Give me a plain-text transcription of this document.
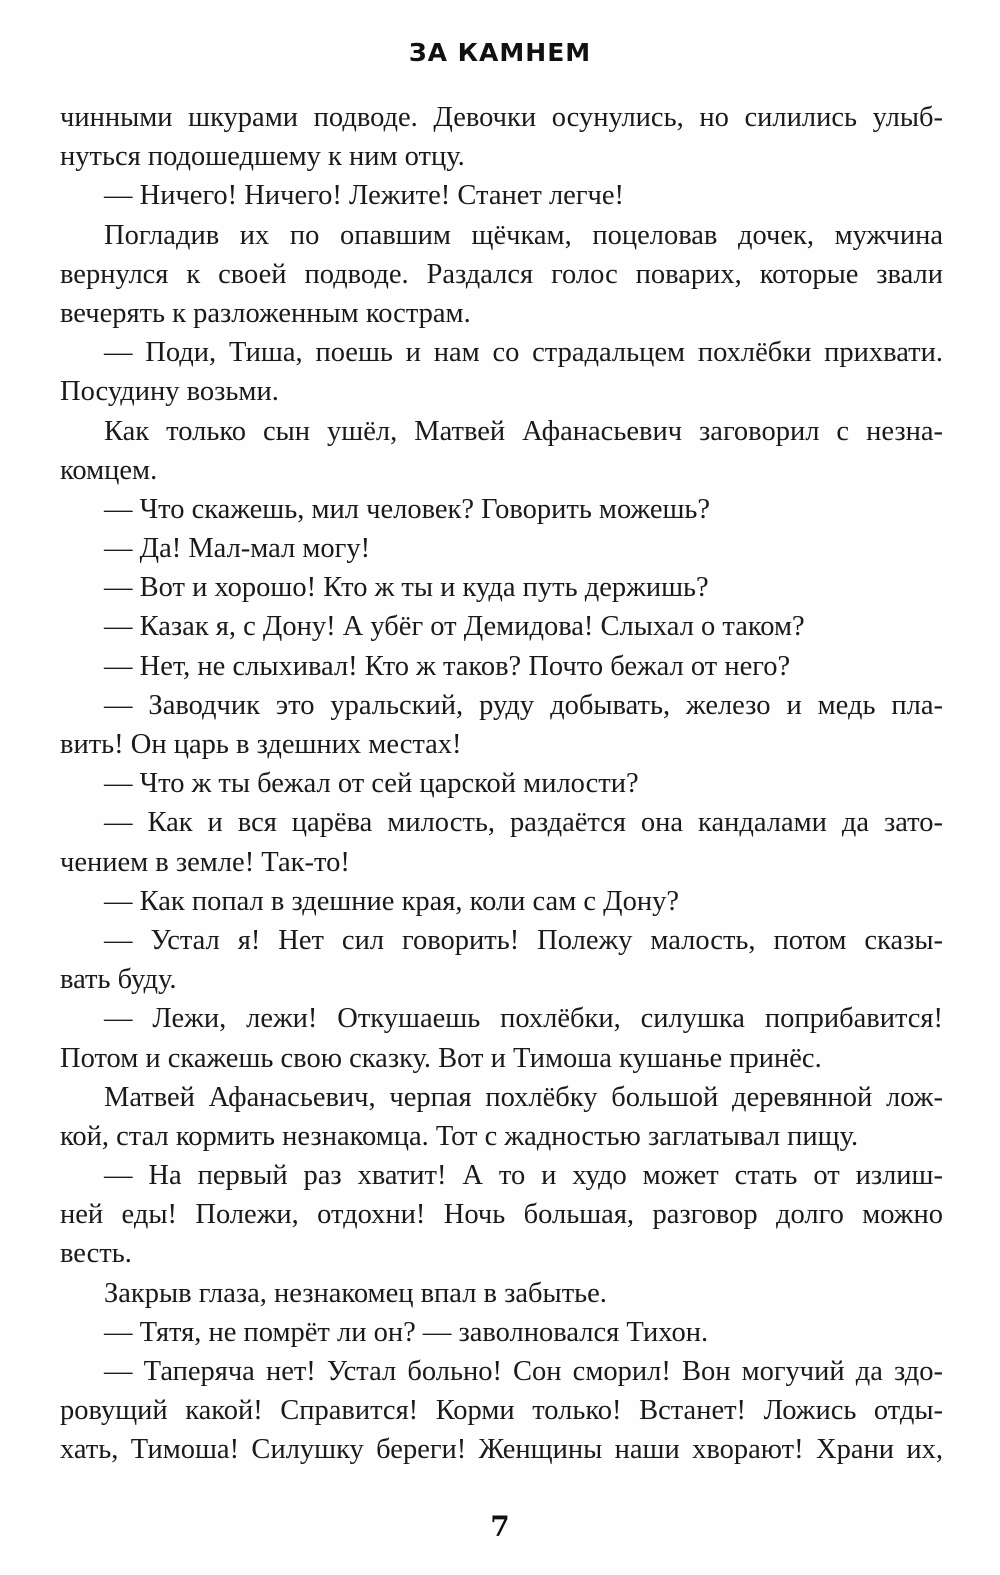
ЗА КАМНЕМ
чинными шкурами подводе. Девочки осунулись, но силились улыб-
нуться подошедшему к ним отцу.
— Ничего! Ничего! Лежите! Станет легче!
Погладив их по опавшим щёчкам, поцеловав дочек, мужчина
вернулся к своей подводе. Раздался голос поварих, которые звали
вечерять к разложенным кострам.
— Поди, Тиша, поешь и нам со страдальцем похлёбки прихвати.
Посудину возьми.
Как только сын ушёл, Матвей Афанасьевич заговорил с незна-
комцем.
— Что скажешь, мил человек? Говорить можешь?
— Да! Мал-мал могу!
— Вот и хорошо! Кто ж ты и куда путь держишь?
— Казак я, с Дону! А убёг от Демидова! Слыхал о таком?
— Нет, не слыхивал! Кто ж таков? Почто бежал от него?
— Заводчик это уральский, руду добывать, железо и медь пла-
вить! Он царь в здешних местах!
— Что ж ты бежал от сей царской милости?
— Как и вся царёва милость, раздаётся она кандалами да зато-
чением в земле! Так-то!
— Как попал в здешние края, коли сам с Дону?
— Устал я! Нет сил говорить! Полежу малость, потом сказы-
вать буду.
— Лежи, лежи! Откушаешь похлёбки, силушка поприбавится!
Потом и скажешь свою сказку. Вот и Тимоша кушанье принёс.
Матвей Афанасьевич, черпая похлёбку большой деревянной лож-
кой, стал кормить незнакомца. Тот с жадностью заглатывал пищу.
— На первый раз хватит! А то и худо может стать от излиш-
ней еды! Полежи, отдохни! Ночь большая, разговор долго можно
весть.
Закрыв глаза, незнакомец впал в забытье.
— Тятя, не помрёт ли он? — заволновался Тихон.
— Таперяча нет! Устал больно! Сон сморил! Вон могучий да здо-
ровущий какой! Справится! Корми только! Встанет! Ложись отды-
хать, Тимоша! Силушку береги! Женщины наши хворают! Храни их,
7
